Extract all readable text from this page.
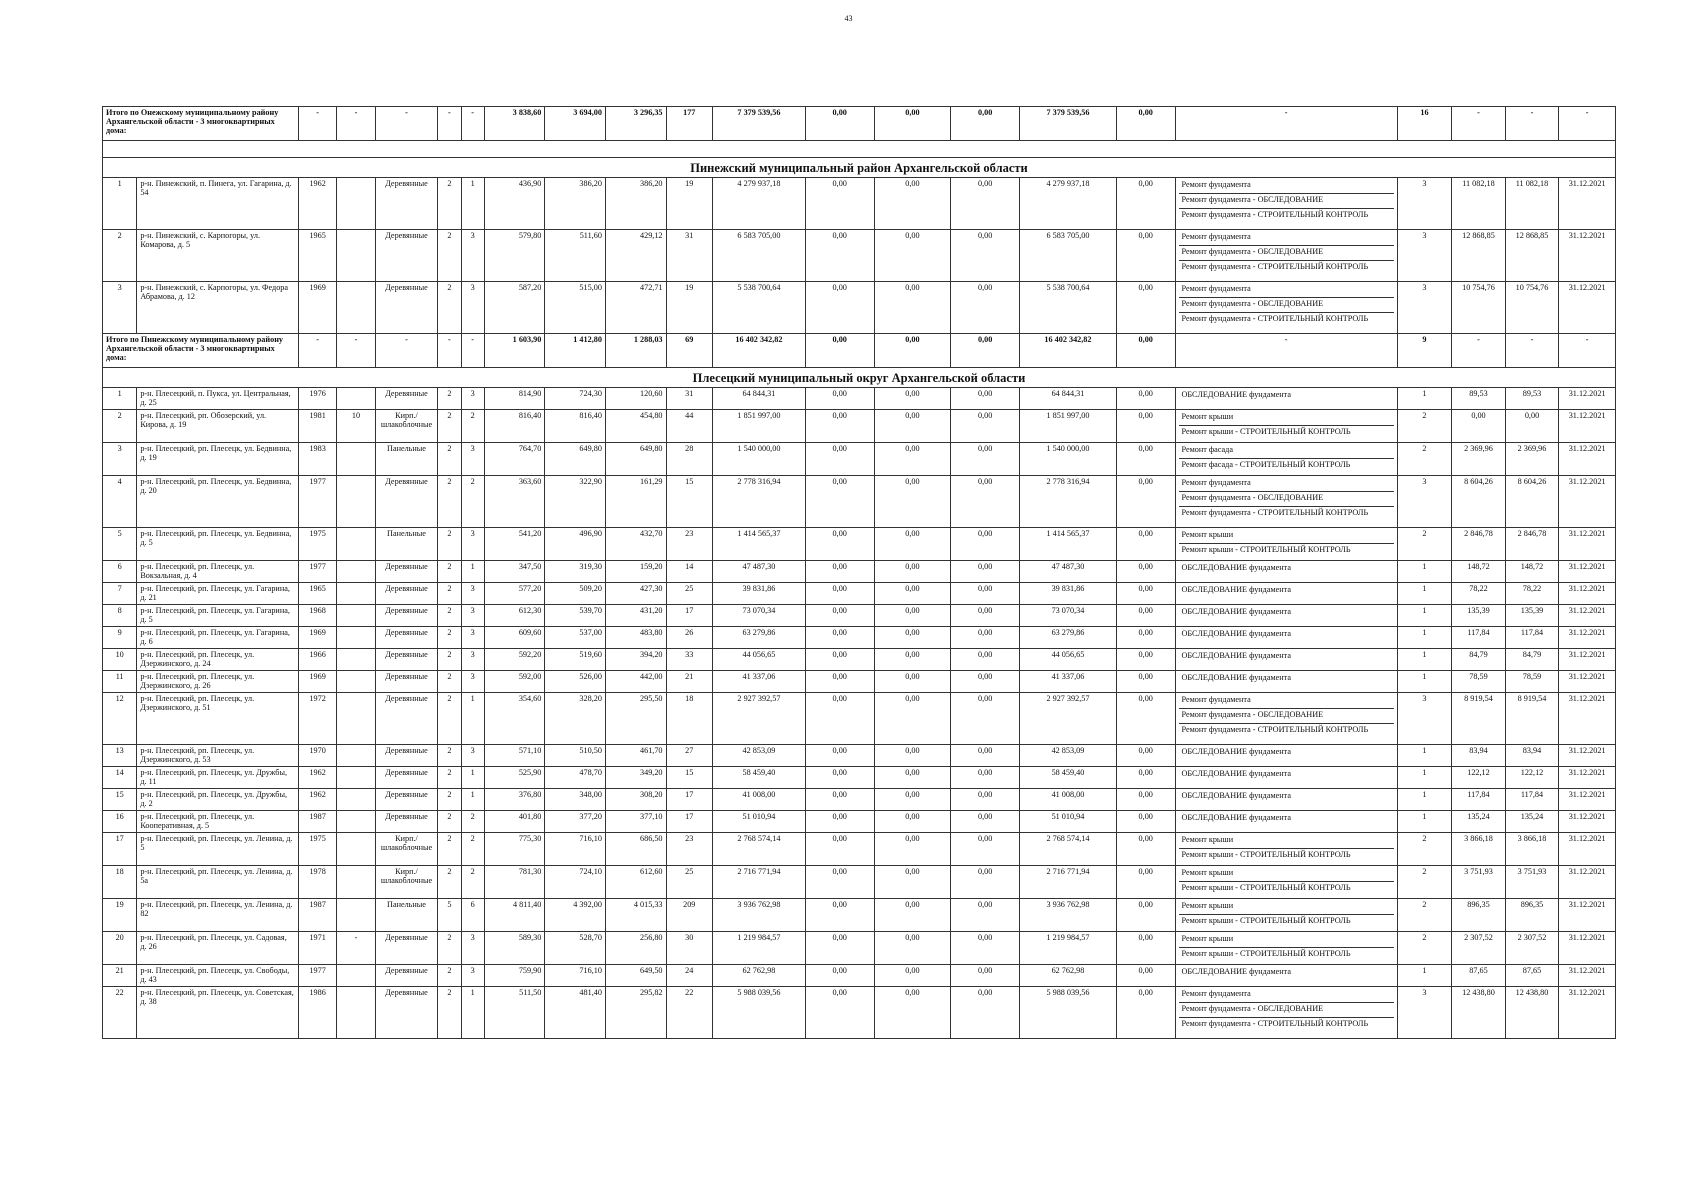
43
Итого по Онежскому муниципальному району Архангельской области - 3 многоквартирных дома:		-	-	-	-	-	3 838,60	3 694,00	3 296,35	177	7 379 539,56	0,00	0,00	0,00	7 379 539,56	0,00	-	16	-	-	-

Пинежский муниципальный район Архангельской области																					
1	р-н. Пинежский, п. Пинега, ул. Гагарина, д. 54	1962		Деревянные	2	1	436,90	386,20	386,20	19	4 279 937,18	0,00	0,00	0,00	4 279 937,18	0,00	Ремонт фундамента
Ремонт фундамента - ОБСЛЕДОВАНИЕ
Ремонт фундамента - СТРОИТЕЛЬНЫЙ КОНТРОЛЬ	3	11 082,18	11 082,18	31.12.2021
2	р-н. Пинежский, с. Карпогоры, ул. Комарова, д. 5	1965		Деревянные	2	3	579,80	511,60	429,12	31	6 583 705,00	0,00	0,00	0,00	6 583 705,00	0,00	Ремонт фундамента
Ремонт фундамента - ОБСЛЕДОВАНИЕ
Ремонт фундамента - СТРОИТЕЛЬНЫЙ КОНТРОЛЬ	3	12 868,85	12 868,85	31.12.2021
3	р-н. Пинежский, с. Карпогоры, ул. Федора Абрамова, д. 12	1969		Деревянные	2	3	587,20	515,00	472,71	19	5 538 700,64	0,00	0,00	0,00	5 538 700,64	0,00	Ремонт фундамента
Ремонт фундамента - ОБСЛЕДОВАНИЕ
Ремонт фундамента - СТРОИТЕЛЬНЫЙ КОНТРОЛЬ	3	10 754,76	10 754,76	31.12.2021
Итого по Пинежскому муниципальному району Архангельской области - 3 многоквартирных дома:		-	-	-	-	-	1 603,90	1 412,80	1 288,03	69	16 402 342,82	0,00	0,00	0,00	16 402 342,82	0,00	-	9	-	-	-
Плесецкий муниципальный округ Архангельской области																					
1	р-н. Плесецкий, п. Пукса, ул. Центральная, д. 25	1976		Деревянные	2	3	814,90	724,30	120,60	31	64 844,31	0,00	0,00	0,00	64 844,31	0,00	ОБСЛЕДОВАНИЕ фундамента	1	89,53	89,53	31.12.2021
2	р-н. Плесецкий, рп. Обозерский, ул. Кирова, д. 19	1981	10	Кирп./шлакоблочные	2	2	816,40	816,40	454,80	44	1 851 997,00	0,00	0,00	0,00	1 851 997,00	0,00	Ремонт крыши
Ремонт крыши - СТРОИТЕЛЬНЫЙ КОНТРОЛЬ	2	0,00	0,00	31.12.2021
3	р-н. Плесецкий, рп. Плесецк, ул. Бедвинна, д. 19	1983		Панельные	2	3	764,70	649,80	649,80	28	1 540 000,00	0,00	0,00	0,00	1 540 000,00	0,00	Ремонт фасада
Ремонт фасада - СТРОИТЕЛЬНЫЙ КОНТРОЛЬ	2	2 369,96	2 369,96	31.12.2021
4	р-н. Плесецкий, рп. Плесецк, ул. Бедвинна, д. 20	1977		Деревянные	2	2	363,60	322,90	161,29	15	2 778 316,94	0,00	0,00	0,00	2 778 316,94	0,00	Ремонт фундамента
Ремонт фундамента - ОБСЛЕДОВАНИЕ
Ремонт фундамента - СТРОИТЕЛЬНЫЙ КОНТРОЛЬ	3	8 604,26	8 604,26	31.12.2021
5	р-н. Плесецкий, рп. Плесецк, ул. Бедвинна, д. 5	1975		Панельные	2	3	541,20	496,90	432,70	23	1 414 565,37	0,00	0,00	0,00	1 414 565,37	0,00	Ремонт крыши
Ремонт крыши - СТРОИТЕЛЬНЫЙ КОНТРОЛЬ	2	2 846,78	2 846,78	31.12.2021
6	р-н. Плесецкий, рп. Плесецк, ул. Вокзальная, д. 4	1977		Деревянные	2	1	347,50	319,30	159,20	14	47 487,30	0,00	0,00	0,00	47 487,30	0,00	ОБСЛЕДОВАНИЕ фундамента	1	148,72	148,72	31.12.2021
7	р-н. Плесецкий, рп. Плесецк, ул. Гагарина, д. 21	1965		Деревянные	2	3	577,20	509,20	427,30	25	39 831,86	0,00	0,00	0,00	39 831,86	0,00	ОБСЛЕДОВАНИЕ фундамента	1	78,22	78,22	31.12.2021
8	р-н. Плесецкий, рп. Плесецк, ул. Гагарина, д. 5	1968		Деревянные	2	3	612,30	539,70	431,20	17	73 070,34	0,00	0,00	0,00	73 070,34	0,00	ОБСЛЕДОВАНИЕ фундамента	1	135,39	135,39	31.12.2021
9	р-н. Плесецкий, рп. Плесецк, ул. Гагарина, д. 6	1969		Деревянные	2	3	609,60	537,00	483,80	26	63 279,86	0,00	0,00	0,00	63 279,86	0,00	ОБСЛЕДОВАНИЕ фундамента	1	117,84	117,84	31.12.2021
10	р-н. Плесецкий, рп. Плесецк, ул. Дзержинского, д. 24	1966		Деревянные	2	3	592,20	519,60	394,20	33	44 056,65	0,00	0,00	0,00	44 056,65	0,00	ОБСЛЕДОВАНИЕ фундамента	1	84,79	84,79	31.12.2021
11	р-н. Плесецкий, рп. Плесецк, ул. Дзержинского, д. 26	1969		Деревянные	2	3	592,00	526,00	442,00	21	41 337,06	0,00	0,00	0,00	41 337,06	0,00	ОБСЛЕДОВАНИЕ фундамента	1	78,59	78,59	31.12.2021
12	р-н. Плесецкий, рп. Плесецк, ул. Дзержинского, д. 51	1972		Деревянные	2	1	354,60	328,20	295,50	18	2 927 392,57	0,00	0,00	0,00	2 927 392,57	0,00	Ремонт фундамента
Ремонт фундамента - ОБСЛЕДОВАНИЕ
Ремонт фундамента - СТРОИТЕЛЬНЫЙ КОНТРОЛЬ	3	8 919,54	8 919,54	31.12.2021
13	р-н. Плесецкий, рп. Плесецк, ул. Дзержинского, д. 53	1970		Деревянные	2	3	571,10	510,50	461,70	27	42 853,09	0,00	0,00	0,00	42 853,09	0,00	ОБСЛЕДОВАНИЕ фундамента	1	83,94	83,94	31.12.2021
14	р-н. Плесецкий, рп. Плесецк, ул. Дружбы, д. 11	1962		Деревянные	2	1	525,90	478,70	349,20	15	58 459,40	0,00	0,00	0,00	58 459,40	0,00	ОБСЛЕДОВАНИЕ фундамента	1	122,12	122,12	31.12.2021
15	р-н. Плесецкий, рп. Плесецк, ул. Дружбы, д. 2	1962		Деревянные	2	1	376,80	348,00	308,20	17	41 008,00	0,00	0,00	0,00	41 008,00	0,00	ОБСЛЕДОВАНИЕ фундамента	1	117,84	117,84	31.12.2021
16	р-н. Плесецкий, рп. Плесецк, ул. Кооперативная, д. 5	1987		Деревянные	2	2	401,80	377,20	377,10	17	51 010,94	0,00	0,00	0,00	51 010,94	0,00	ОБСЛЕДОВАНИЕ фундамента	1	135,24	135,24	31.12.2021
17	р-н. Плесецкий, рп. Плесецк, ул. Ленина, д. 5	1975		Кирп./шлакоблочные	2	2	775,30	716,10	686,50	23	2 768 574,14	0,00	0,00	0,00	2 768 574,14	0,00	Ремонт крыши
Ремонт крыши - СТРОИТЕЛЬНЫЙ КОНТРОЛЬ	2	3 866,18	3 866,18	31.12.2021
18	р-н. Плесецкий, рп. Плесецк, ул. Ленина, д. 5а	1978		Кирп./шлакоблочные	2	2	781,30	724,10	612,60	25	2 716 771,94	0,00	0,00	0,00	2 716 771,94	0,00	Ремонт крыши
Ремонт крыши - СТРОИТЕЛЬНЫЙ КОНТРОЛЬ	2	3 751,93	3 751,93	31.12.2021
19	р-н. Плесецкий, рп. Плесецк, ул. Ленина, д. 82	1987		Панельные	5	6	4 811,40	4 392,00	4 015,33	209	3 936 762,98	0,00	0,00	0,00	3 936 762,98	0,00	Ремонт крыши
Ремонт крыши - СТРОИТЕЛЬНЫЙ КОНТРОЛЬ	2	896,35	896,35	31.12.2021
20	р-н. Плесецкий, рп. Плесецк, ул. Садовая, д. 26	1971	-	Деревянные	2	3	589,30	528,70	256,80	30	1 219 984,57	0,00	0,00	0,00	1 219 984,57	0,00	Ремонт крыши
Ремонт крыши - СТРОИТЕЛЬНЫЙ КОНТРОЛЬ	2	2 307,52	2 307,52	31.12.2021
21	р-н. Плесецкий, рп. Плесецк, ул. Свободы, д. 43	1977		Деревянные	2	3	759,90	716,10	649,50	24	62 762,98	0,00	0,00	0,00	62 762,98	0,00	ОБСЛЕДОВАНИЕ фундамента	1	87,65	87,65	31.12.2021
22	р-н. Плесецкий, рп. Плесецк, ул. Советская, д. 38	1986		Деревянные	2	1	511,50	481,40	295,82	22	5 988 039,56	0,00	0,00	0,00	5 988 039,56	0,00	Ремонт фундамента
Ремонт фундамента - ОБСЛЕДОВАНИЕ
Ремонт фундамента - СТРОИТЕЛЬНЫЙ КОНТРОЛЬ	3	12 438,80	12 438,80	31.12.2021
